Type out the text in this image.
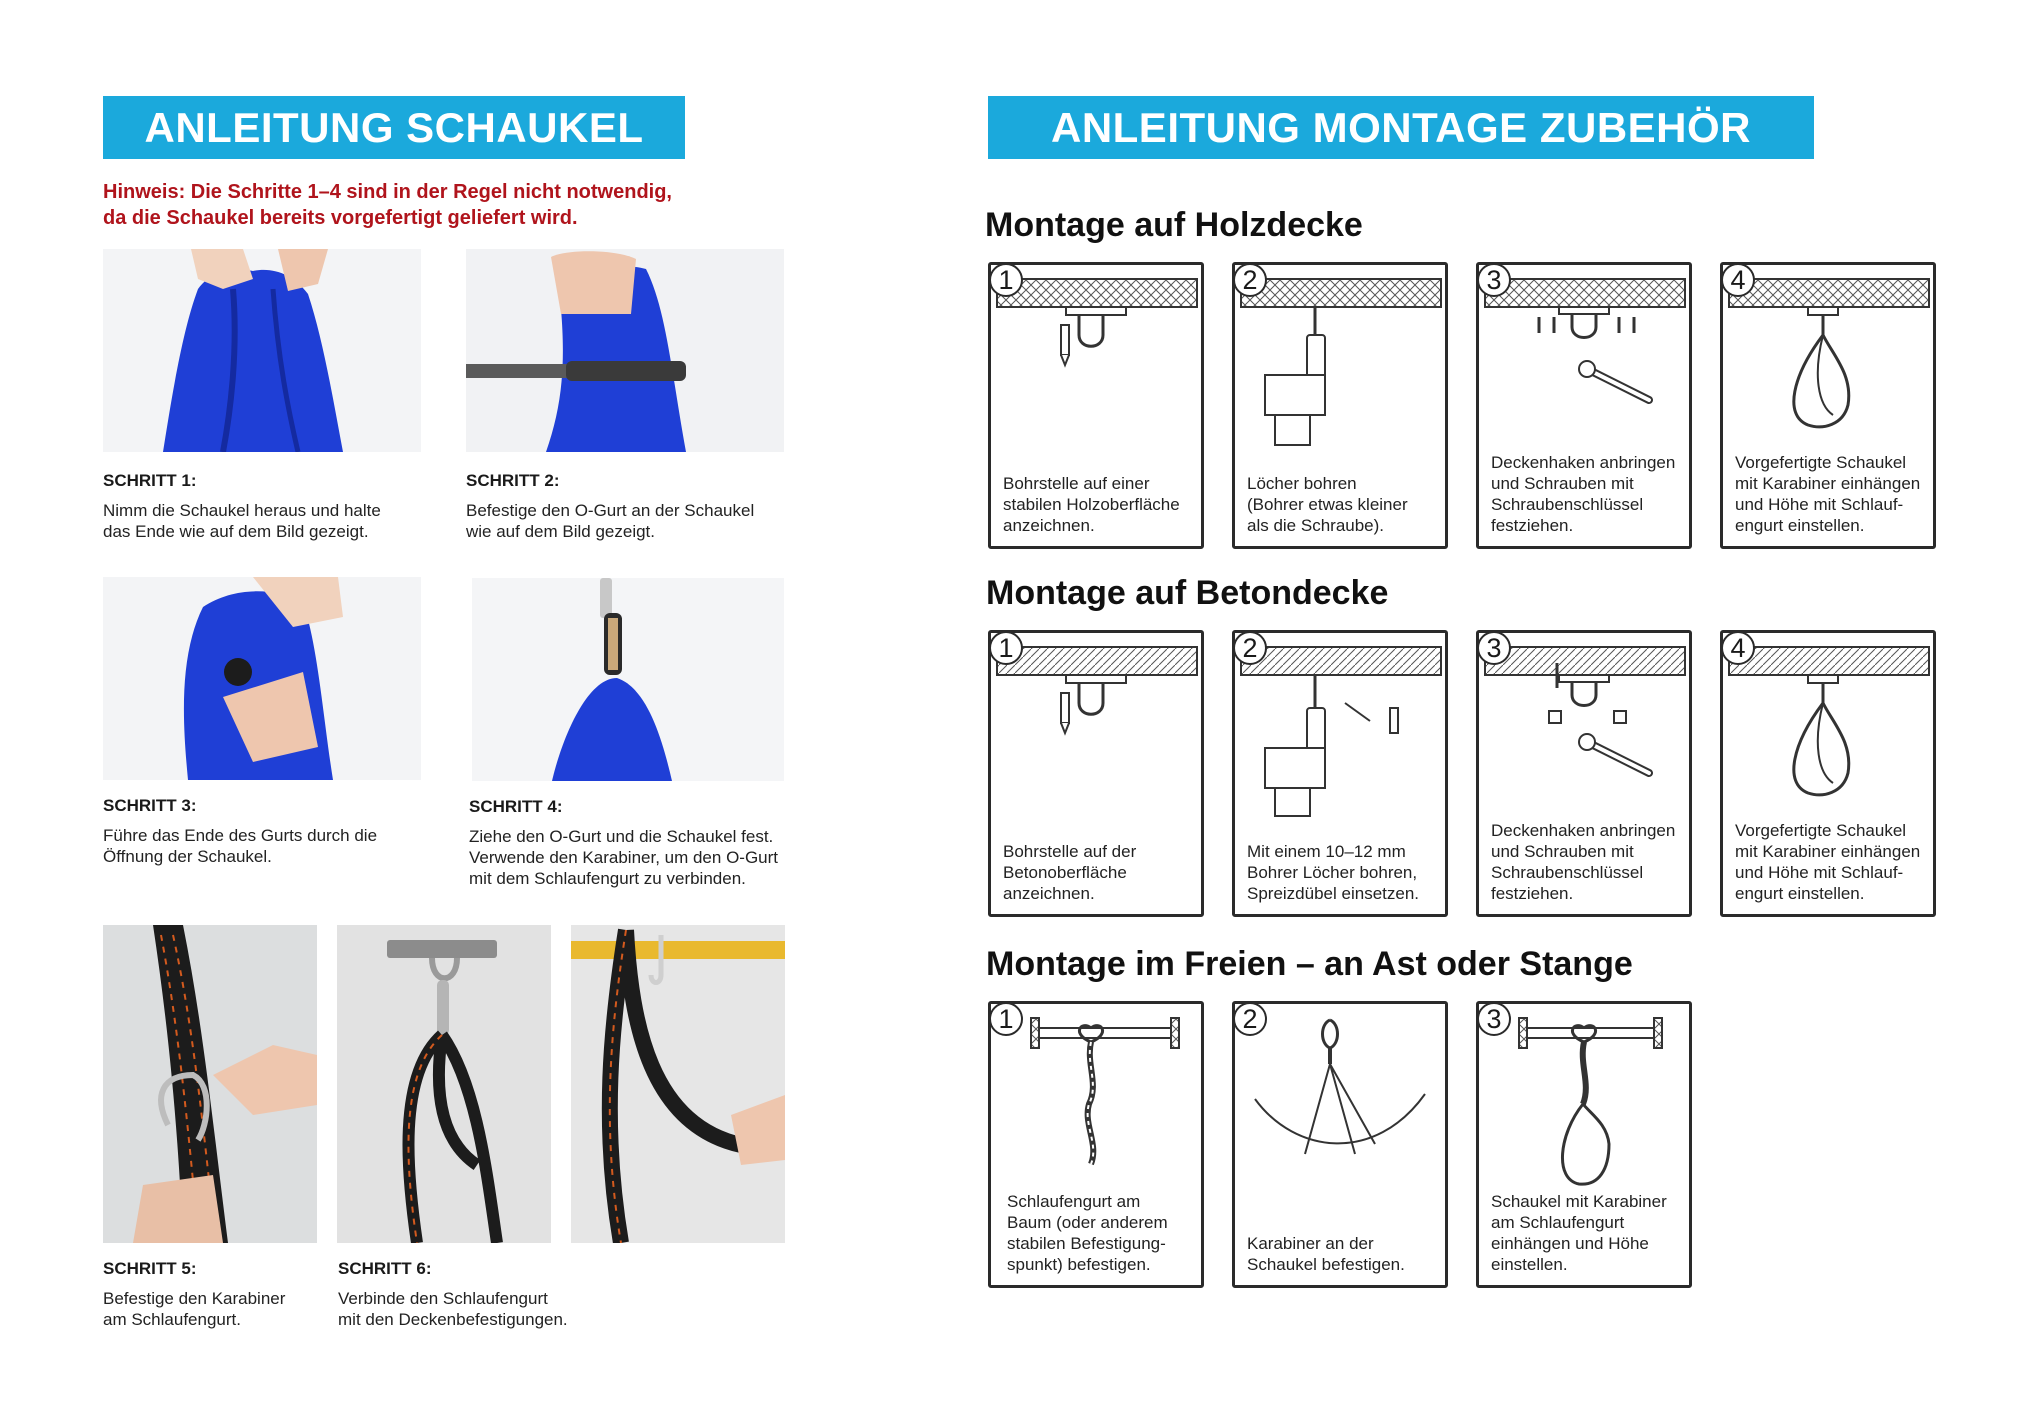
ANLEITUNG SCHAUKEL
Hinweis: Die Schritte 1–4 sind in der Regel nicht notwendig,
da die Schaukel bereits vorgefertigt geliefert wird.
SCHRITT 1:
Nimm die Schaukel heraus und halte
das Ende wie auf dem Bild gezeigt.
SCHRITT 2:
Befestige den O-Gurt an der Schaukel
wie auf dem Bild gezeigt.
SCHRITT 3:
Führe das Ende des Gurts durch die
Öffnung der Schaukel.
SCHRITT 4:
Ziehe den O-Gurt und die Schaukel fest.
Verwende den Karabiner, um den O-Gurt
mit dem Schlaufengurt zu verbinden.
SCHRITT 5:
Befestige den Karabiner
am Schlaufengurt.
SCHRITT 6:
Verbinde den Schlaufengurt
mit den Deckenbefestigungen.
ANLEITUNG MONTAGE ZUBEHÖR
Montage auf Holzdecke
1
Bohrstelle auf einer
stabilen Holzoberfläche
anzeichnen.
2
Löcher bohren
(Bohrer etwas kleiner
als die Schraube).
3
Deckenhaken anbringen
und Schrauben mit
Schraubenschlüssel
festziehen.
4
Vorgefertigte Schaukel
mit Karabiner einhängen
und Höhe mit Schlauf-
engurt einstellen.
Montage auf Betondecke
1
Bohrstelle auf der
Betonoberfläche
anzeichnen.
2
Mit einem 10–12 mm
Bohrer Löcher bohren,
Spreizdübel einsetzen.
3
Deckenhaken anbringen
und Schrauben mit
Schraubenschlüssel
festziehen.
4
Vorgefertigte Schaukel
mit Karabiner einhängen
und Höhe mit Schlauf-
engurt einstellen.
Montage im Freien – an Ast oder Stange
1
Schlaufengurt am
Baum (oder anderem
stabilen Befestigung-
spunkt) befestigen.
2
Karabiner an der
Schaukel befestigen.
3
Schaukel mit Karabiner
am Schlaufengurt
einhängen und Höhe
einstellen.
